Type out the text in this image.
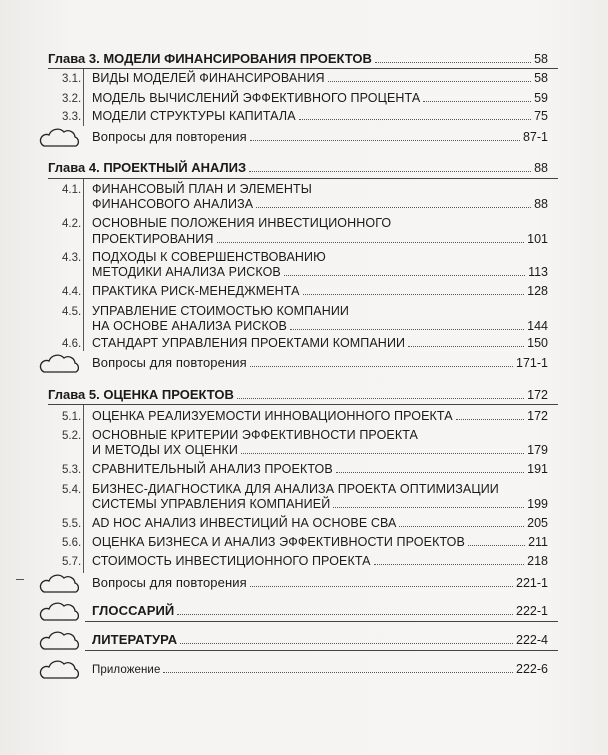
Глава 3. МОДЕЛИ ФИНАНСИРОВАНИЯ ПРОЕКТОВ	58
3.1. ВИДЫ МОДЕЛЕЙ ФИНАНСИРОВАНИЯ	58
3.2. МОДЕЛЬ ВЫЧИСЛЕНИЙ ЭФФЕКТИВНОГО ПРОЦЕНТА	59
3.3. МОДЕЛИ СТРУКТУРЫ КАПИТАЛА	75
Вопросы для повторения	87-1
Глава 4. ПРОЕКТНЫЙ АНАЛИЗ	88
4.1. ФИНАНСОВЫЙ ПЛАН И ЭЛЕМЕНТЫ
ФИНАНСОВОГО АНАЛИЗА	88
4.2. ОСНОВНЫЕ ПОЛОЖЕНИЯ ИНВЕСТИЦИОННОГО
ПРОЕКТИРОВАНИЯ	101
4.3. ПОДХОДЫ К СОВЕРШЕНСТВОВАНИЮ
МЕТОДИКИ АНАЛИЗА РИСКОВ	113
4.4. ПРАКТИКА РИСК-МЕНЕДЖМЕНТА	128
4.5. УПРАВЛЕНИЕ СТОИМОСТЬЮ КОМПАНИИ
НА ОСНОВЕ АНАЛИЗА РИСКОВ	144
4.6. СТАНДАРТ УПРАВЛЕНИЯ ПРОЕКТАМИ КОМПАНИИ	150
Вопросы для повторения	171-1
Глава 5. ОЦЕНКА ПРОЕКТОВ	172
5.1. ОЦЕНКА РЕАЛИЗУЕМОСТИ ИННОВАЦИОННОГО ПРОЕКТА	172
5.2. ОСНОВНЫЕ КРИТЕРИИ ЭФФЕКТИВНОСТИ ПРОЕКТА
И МЕТОДЫ ИХ ОЦЕНКИ	179
5.3. СРАВНИТЕЛЬНЫЙ АНАЛИЗ ПРОЕКТОВ	191
5.4. БИЗНЕС-ДИАГНОСТИКА ДЛЯ АНАЛИЗА ПРОЕКТА ОПТИМИЗАЦИИ
СИСТЕМЫ УПРАВЛЕНИЯ КОМПАНИЕЙ	199
5.5. AD HOC АНАЛИЗ ИНВЕСТИЦИЙ НА ОСНОВЕ СВА	205
5.6. ОЦЕНКА БИЗНЕСА И АНАЛИЗ ЭФФЕКТИВНОСТИ ПРОЕКТОВ	211
5.7. СТОИМОСТЬ ИНВЕСТИЦИОННОГО ПРОЕКТА	218
Вопросы для повторения	221-1
ГЛОССАРИЙ	222-1
ЛИТЕРАТУРА	222-4
Приложение	222-6
